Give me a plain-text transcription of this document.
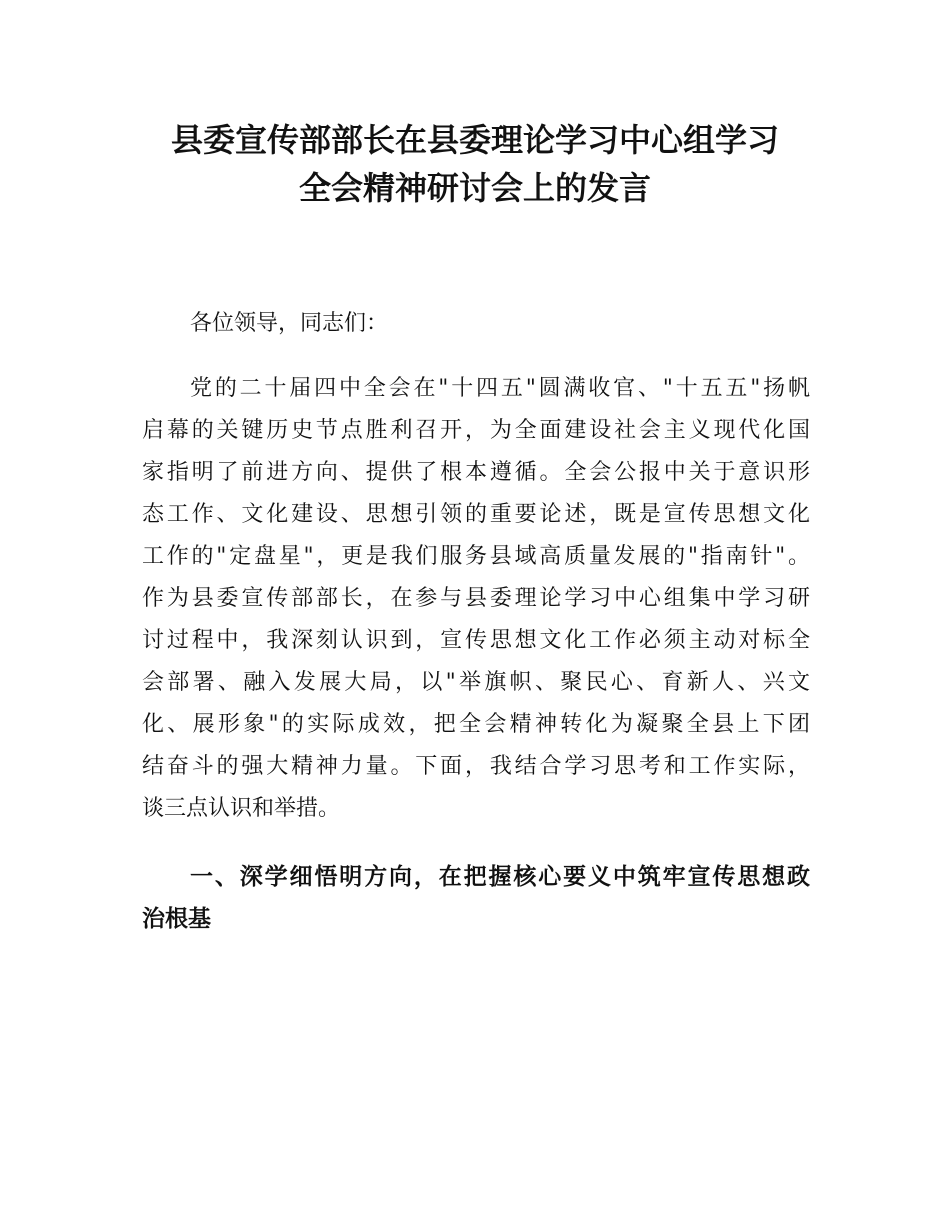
县委宣传部部长在县委理论学习中心组学习
全会精神研讨会上的发言
各位领导，同志们：
党的二十届四中全会在"十四五"圆满收官、"十五五"扬帆
启幕的关键历史节点胜利召开，为全面建设社会主义现代化国
家指明了前进方向、提供了根本遵循。全会公报中关于意识形
态工作、文化建设、思想引领的重要论述，既是宣传思想文化
工作的"定盘星"，更是我们服务县域高质量发展的"指南针"。
作为县委宣传部部长，在参与县委理论学习中心组集中学习研
讨过程中，我深刻认识到，宣传思想文化工作必须主动对标全
会部署、融入发展大局，以"举旗帜、聚民心、育新人、兴文
化、展形象"的实际成效，把全会精神转化为凝聚全县上下团
结奋斗的强大精神力量。下面，我结合学习思考和工作实际，
谈三点认识和举措。
一、深学细悟明方向，在把握核心要义中筑牢宣传思想政
治根基
